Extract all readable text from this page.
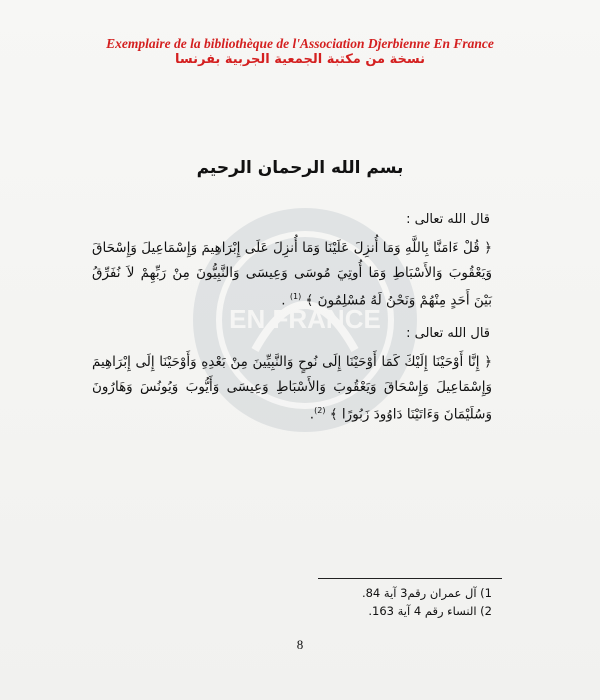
Exemplaire de la bibliothèque de l'Association Djerbienne En France
نسخة من مكتبة الجمعية الجربية بفرنسا
EN FRANCE
بسم الله الرحمان الرحيم
قال الله تعالى :
﴿ قُلْ ءَامَنَّا بِاللَّهِ وَمَا أُنزِلَ عَلَيْنَا وَمَا أُنزِلَ عَلَى إِبْرَاهِيمَ وَإِسْمَاعِيلَ وَإِسْحَاقَ وَيَعْقُوبَ وَالأَسْبَاطِ وَمَا أُوتِيَ مُوسَى وَعِيسَى وَالنَّبِيُّونَ مِنْ رَبِّهِمْ لاَ نُفَرِّقُ بَيْنَ أَحَدٍ مِنْهُمْ وَنَحْنُ لَهُ مُسْلِمُونَ ﴾ $^{(1)}$ .
قال الله تعالى :
﴿ إِنَّا أَوْحَيْنَا إِلَيْكَ كَمَا أَوْحَيْنَا إِلَى نُوحٍ وَالنَّبِيِّينَ مِنْ بَعْدِهِ وَأَوْحَيْنَا إِلَى إِبْرَاهِيمَ وَإِسْمَاعِيلَ وَإِسْحَاقَ وَيَعْقُوبَ وَالأَسْبَاطِ وَعِيسَى وَأَيُّوبَ وَيُونُسَ وَهَارُونَ وَسُلَيْمَانَ وَءَاتَيْنَا دَاوُودَ زَبُورًا ﴾ $^{(2)}$.
1) آل عمران رقم3 آية 84.
2) النساء رقم 4 آية 163.
8
